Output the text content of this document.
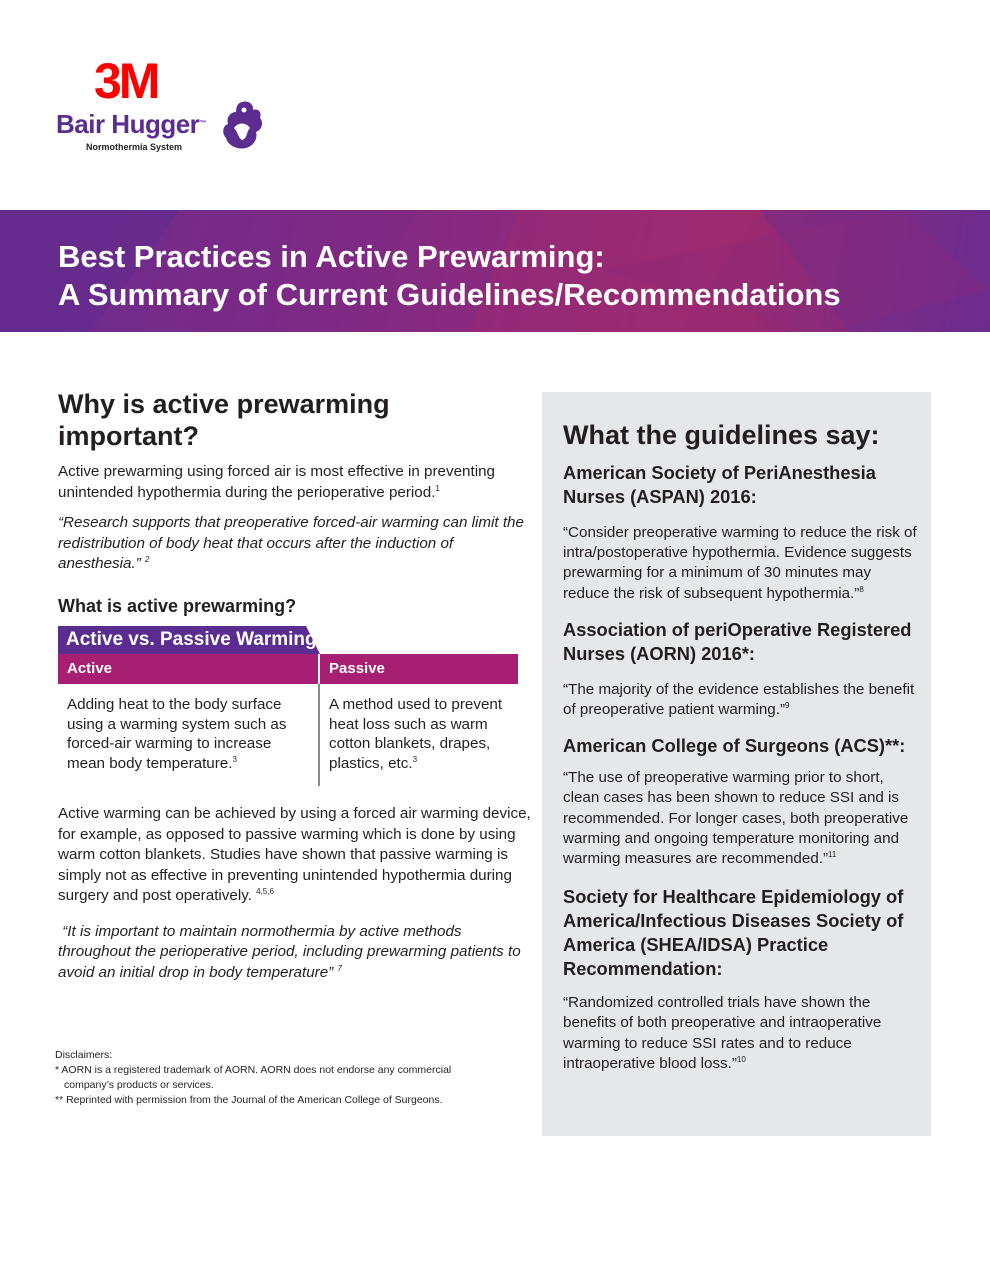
3M
Bair Hugger™
Normothermia System
Best Practices in Active Prewarming:
A Summary of Current Guidelines/Recommendations
Why is active prewarming important?

Active prewarming using forced air is most effective in preventing unintended hypothermia during the perioperative period.$^1$

“Research supports that preoperative forced-air warming can limit the redistribution of body heat that occurs after the induction of anesthesia.” $^2$

What is active prewarming?
Active vs. Passive Warming
Active	Passive
Adding heat to the body surface using a warming system such as forced-air warming to increase mean body temperature.$^3$
A method used to prevent heat loss such as warm cotton blankets, drapes, plastics, etc.$^3$

Active warming can be achieved by using a forced air warming device, for example, as opposed to passive warming which is done by using warm cotton blankets. Studies have shown that passive warming is simply not as effective in preventing unintended hypothermia during surgery and post operatively. $^{4,5,6}$

“It is important to maintain normothermia by active methods throughout the perioperative period, including prewarming patients to avoid an initial drop in body temperature” $^7$

Disclaimers:
* AORN is a registered trademark of AORN. AORN does not endorse any commercial
company’s products or services.
** Reprinted with permission from the Journal of the American College of Surgeons.
What the guidelines say:
American Society of PeriAnesthesia Nurses (ASPAN) 2016:

“Consider preoperative warming to reduce the risk of intra/postoperative hypothermia. Evidence suggests prewarming for a minimum of 30 minutes may reduce the risk of subsequent hypothermia.”$^8$

Association of periOperative Registered Nurses (AORN) 2016*:

“The majority of the evidence establishes the benefit of preoperative patient warming.”$^9$

American College of Surgeons (ACS)**:

“The use of preoperative warming prior to short, clean cases has been shown to reduce SSI and is recommended. For longer cases, both preoperative warming and ongoing temperature monitoring and warming measures are recommended.”$^{11}$

Society for Healthcare Epidemiology of America/Infectious Diseases Society of America (SHEA/IDSA) Practice Recommendation:

“Randomized controlled trials have shown the benefits of both preoperative and intraoperative warming to reduce SSI rates and to reduce intraoperative blood loss.”$^{10}$
